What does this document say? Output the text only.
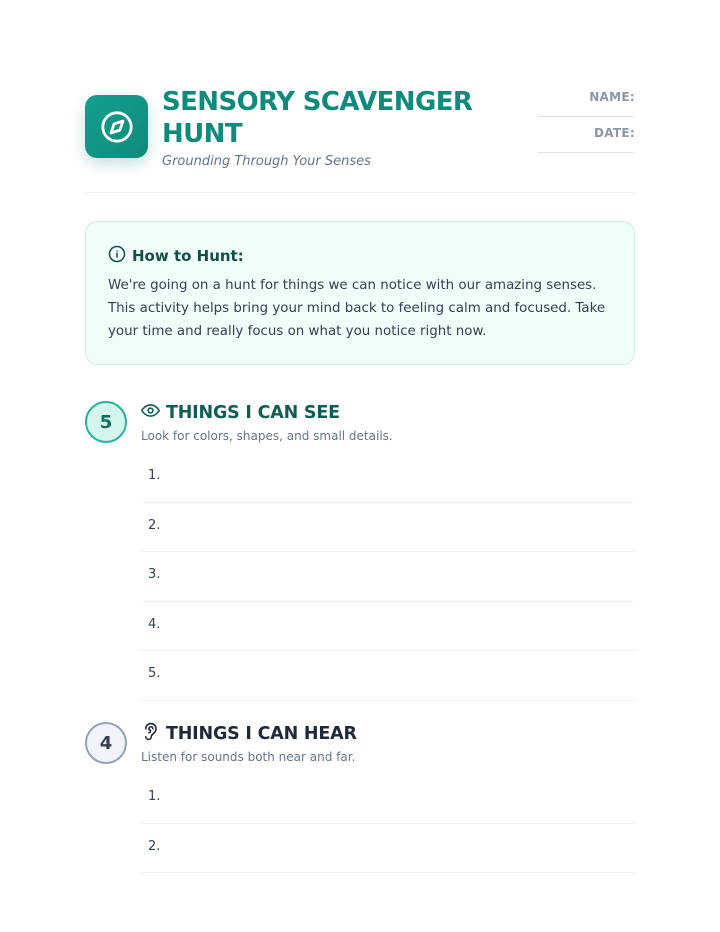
SENSORY SCAVENGER HUNT
Grounding Through Your Senses
NAME:
______________________
DATE:
______________________
How to Hunt:
We're going on a hunt for things we can notice with our amazing senses. This activity helps bring your mind back to feeling calm and focused. Take your time and really focus on what you notice right now.
5	THINGS I CAN SEE
Look for colors, shapes, and small details.
1.
2.
3.
4.
5.
4	THINGS I CAN HEAR
Listen for sounds both near and far.
1.
2.
